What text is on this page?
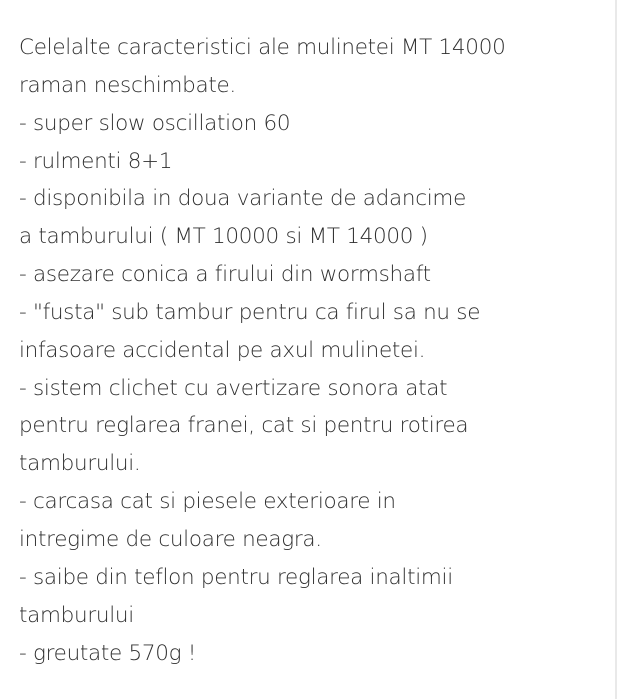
Celelalte caracteristici ale mulinetei MT 14000
raman neschimbate.
- super slow oscillation 60
- rulmenti 8+1
- disponibila in doua variante de adancime
a tamburului ( MT 10000 si MT 14000 )
- asezare conica a firului din wormshaft
- "fusta" sub tambur pentru ca firul sa nu se
infasoare accidental pe axul mulinetei.
- sistem clichet cu avertizare sonora atat
pentru reglarea franei, cat si pentru rotirea
tamburului.
- carcasa cat si piesele exterioare in
intregime de culoare neagra.
- saibe din teflon pentru reglarea inaltimii
tamburului
- greutate 570g !
